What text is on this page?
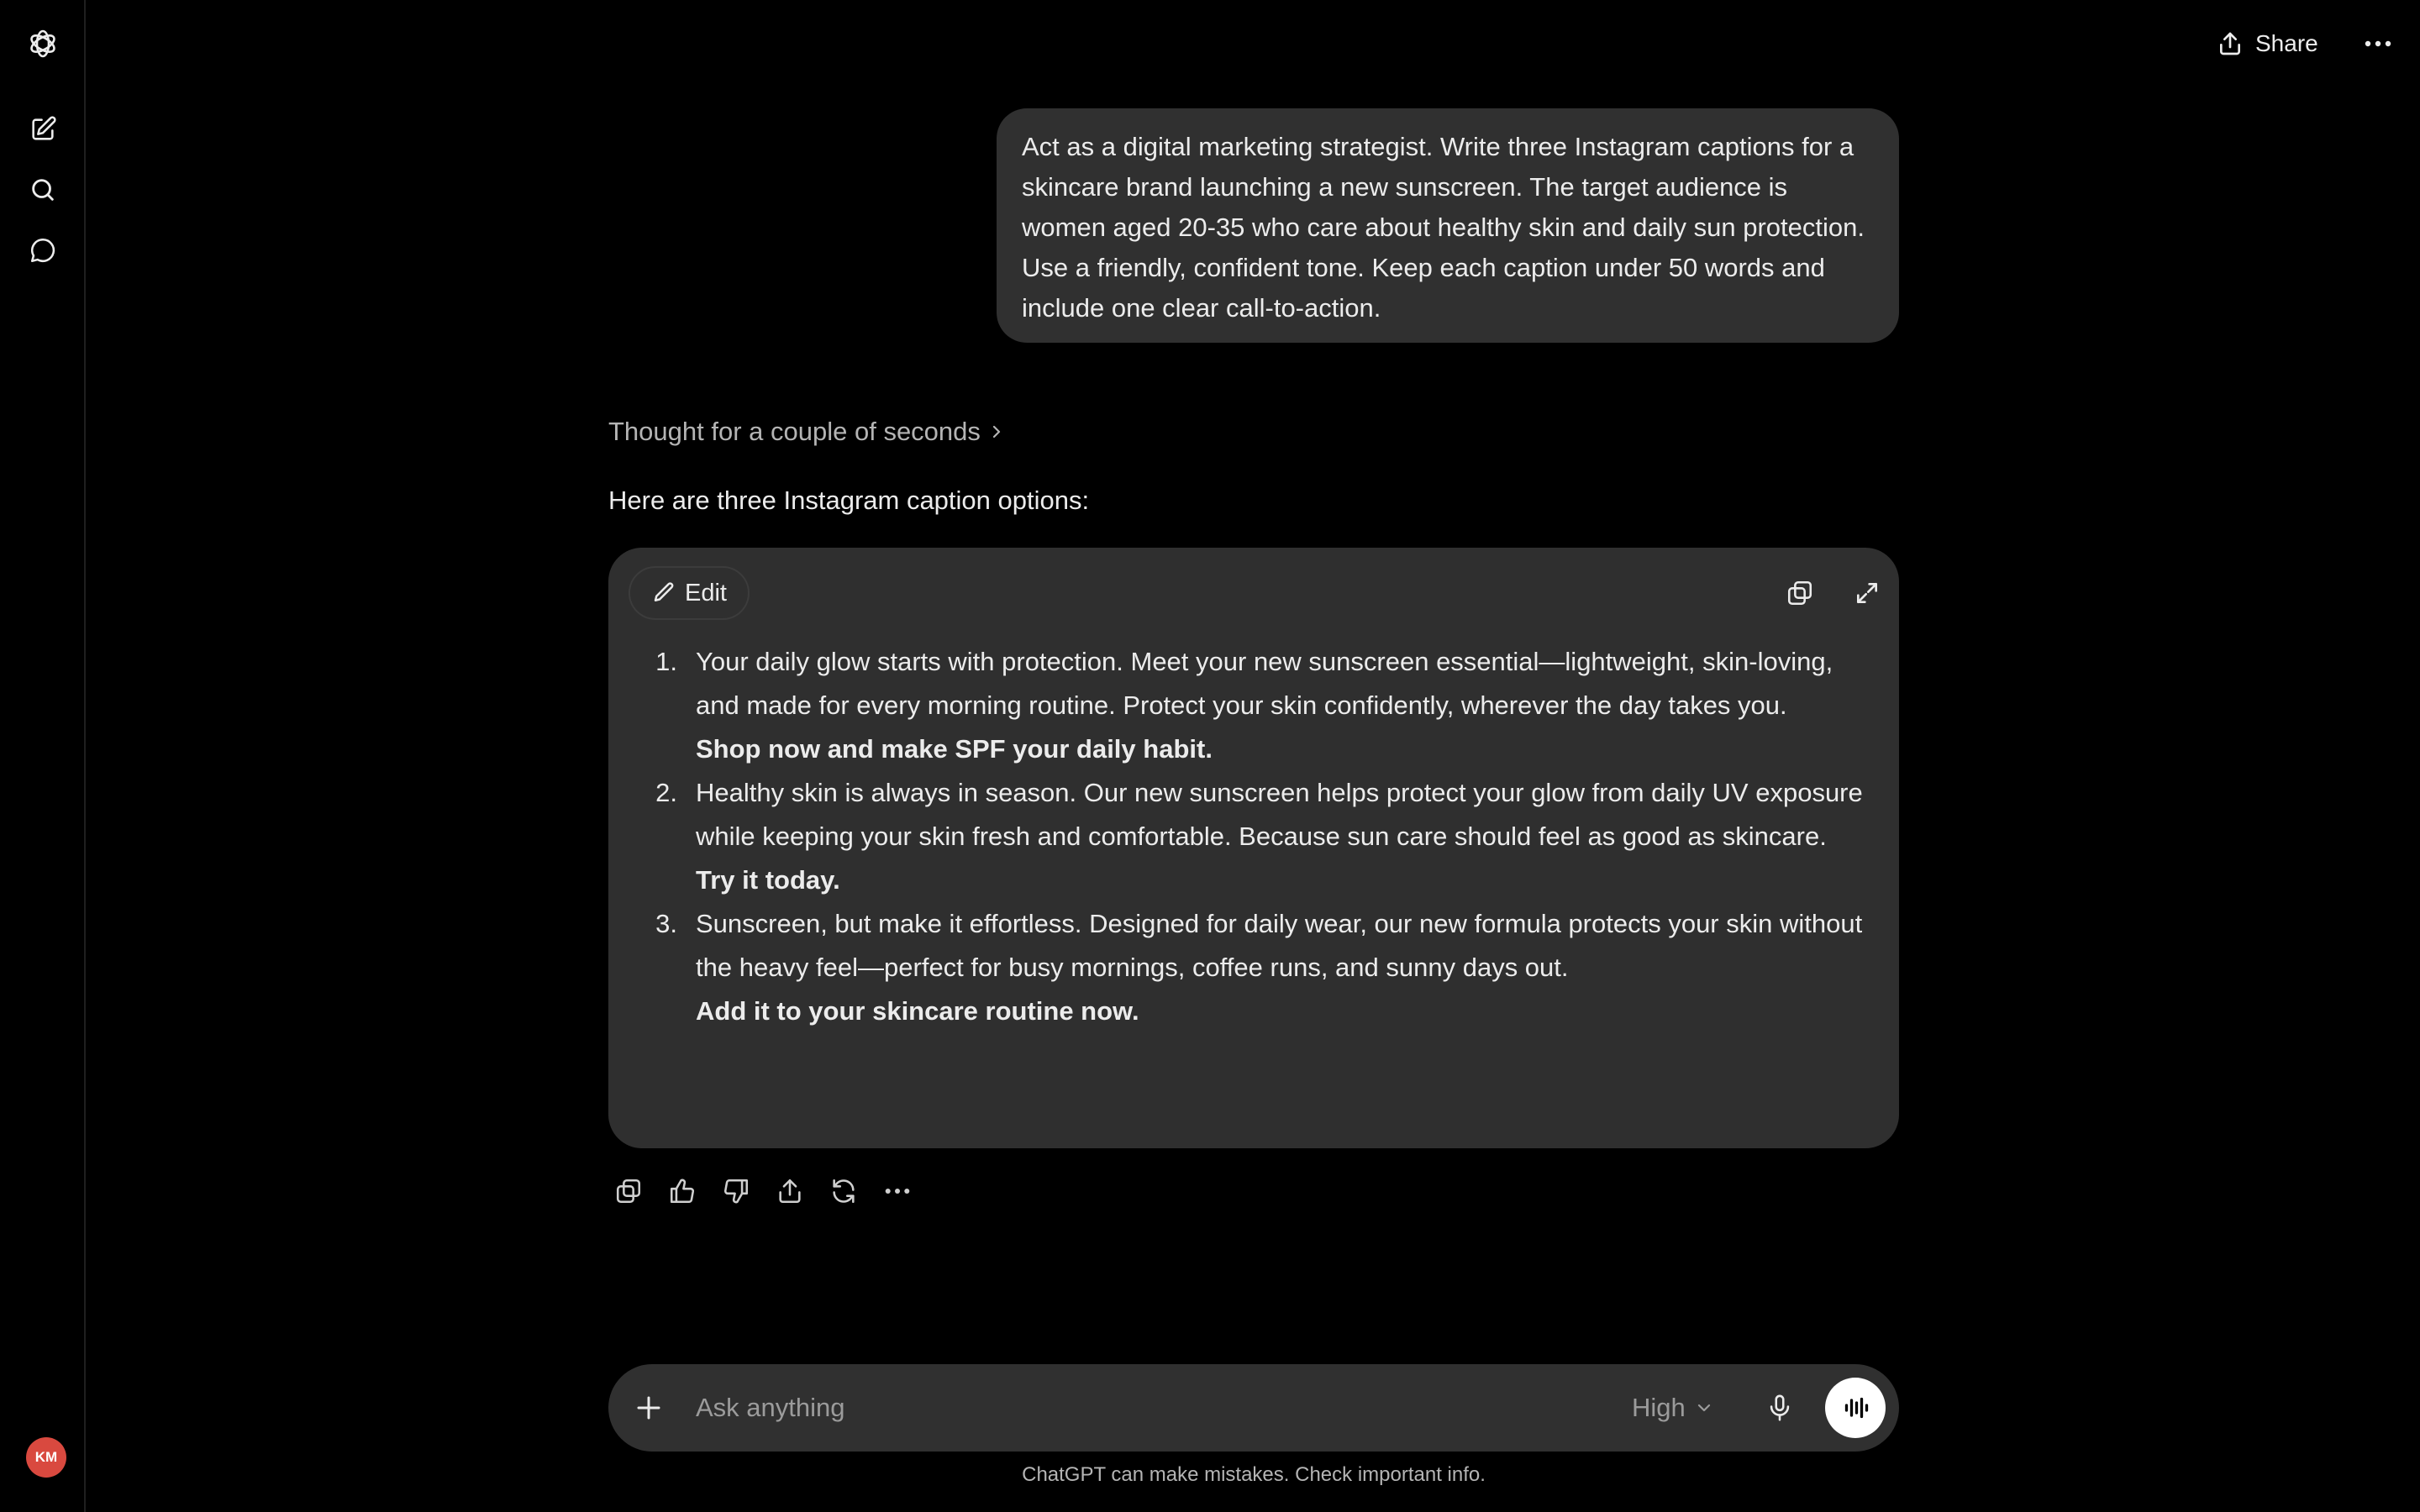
KM
Share
Act as a digital marketing strategist. Write three Instagram captions for a skincare brand launching a new sunscreen. The target audience is women aged 20-35 who care about healthy skin and daily sun protection. Use a friendly, confident tone. Keep each caption under 50 words and include one clear call-to-action.
Thought for a couple of seconds
Here are three Instagram caption options:
Edit
1. Your daily glow starts with protection. Meet your new sunscreen essential—lightweight, skin-loving, and made for every morning routine. Protect your skin confidently, wherever the day takes you.
Shop now and make SPF your daily habit.
2. Healthy skin is always in season. Our new sunscreen helps protect your glow from daily UV exposure while keeping your skin fresh and comfortable. Because sun care should feel as good as skincare.
Try it today.
3. Sunscreen, but make it effortless. Designed for daily wear, our new formula protects your skin without the heavy feel—perfect for busy mornings, coffee runs, and sunny days out.
Add it to your skincare routine now.
Ask anything
High
ChatGPT can make mistakes. Check important info.
